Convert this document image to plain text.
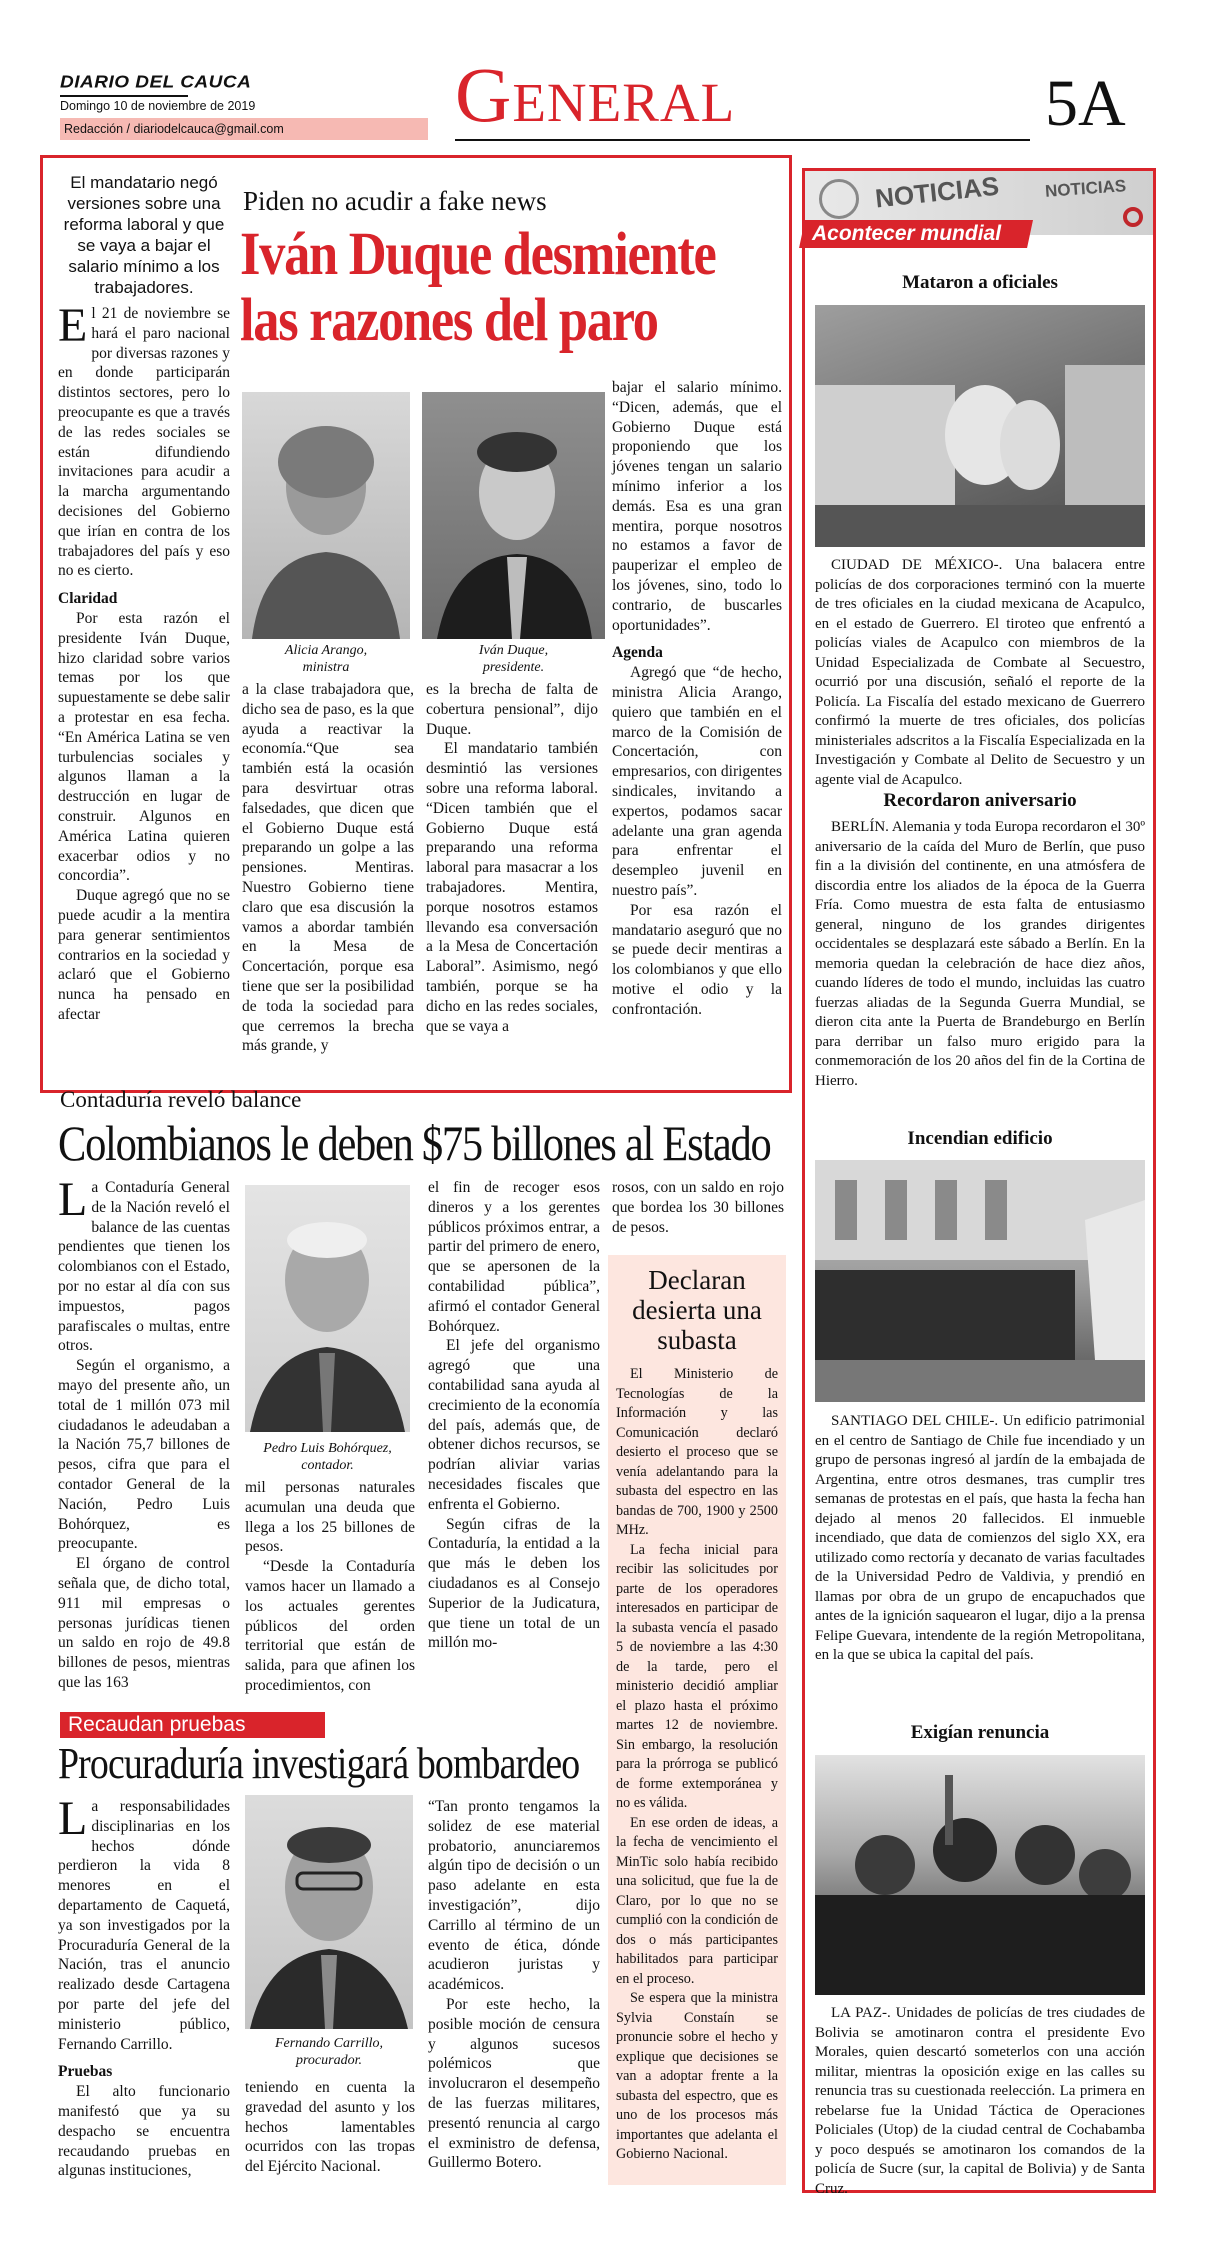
DIARIO DEL CAUCA
Domingo 10 de noviembre de 2019
Redacción / diariodelcauca@gmail.com	General	5A
El mandatario negó versiones sobre una reforma laboral y que se vaya a bajar el salario mínimo a los trabajadores.
Piden no acudir a fake news
Iván Duque desmiente las razones del paro

El 21 de noviembre se hará el paro nacional por diversas razones y en donde participarán distintos sectores, pero lo preocupante es que a través de las redes sociales se están difundiendo invitaciones para acudir a la marcha argumentando decisiones del Gobierno que irían en contra de los trabajadores del país y eso no es cierto.

Claridad

Por esta razón el presidente Iván Duque, hizo claridad sobre varios temas por los que supuestamente se debe salir a protestar en esa fecha. “En América Latina se ven turbulencias sociales y algunos llaman a la destrucción en lugar de construir. Algunos en América Latina quieren exacerbar odios y no concordia”.

Duque agregó que no se puede acudir a la mentira para generar sentimientos contrarios en la sociedad y aclaró que el Gobierno nunca ha pensado en afectar

Alicia Arango,
ministra
Iván Duque,
presidente.

a la clase trabajadora que, dicho sea de paso, es la que ayuda a reactivar la economía.“Que sea también está la ocasión para desvirtuar otras falsedades, que dicen que el Gobierno Duque está preparando un golpe a las pensiones. Mentiras. Nuestro Gobierno tiene claro que esa discusión la vamos a abordar también en la Mesa de Concertación, porque esa tiene que ser la posibilidad de toda la sociedad para que cerremos la brecha más grande, y

es la brecha de falta de cobertura pensional”, dijo Duque.

El mandatario también desmintió las versiones sobre una reforma laboral. “Dicen también que el Gobierno Duque está preparando una reforma laboral para masacrar a los trabajadores. Mentira, porque nosotros estamos llevando esa conversación a la Mesa de Concertación Laboral”. Asimismo, negó también, porque se ha dicho en las redes sociales, que se vaya a

bajar el salario mínimo. “Dicen, además, que el Gobierno Duque está proponiendo que los jóvenes tengan un salario mínimo inferior a los demás. Esa es una gran mentira, porque nosotros no estamos a favor de pauperizar el empleo de los jóvenes, sino, todo lo contrario, de buscarles oportunidades”.

Agenda

Agregó que “de hecho, ministra Alicia Arango, quiero que también en el marco de la Comisión de Concertación, con empresarios, con dirigentes sindicales, invitando a expertos, podamos sacar adelante una gran agenda para enfrentar el desempleo juvenil en nuestro país”.

Por esa razón el mandatario aseguró que no se puede decir mentiras a los colombianos y que ello motive el odio y la confrontación.

Contaduría reveló balance
Colombianos le deben $75 billones al Estado

La Contaduría General de la Nación reveló el balance de las cuentas pendientes que tienen los colombianos con el Estado, por no estar al día con sus impuestos, pagos parafiscales o multas, entre otros.

Según el organismo, a mayo del presente año, un total de 1 millón 073 mil ciudadanos le adeudaban a la Nación 75,7 billones de pesos, cifra que para el contador General de la Nación, Pedro Luis Bohórquez, es preocupante.

El órgano de control señala que, de dicho total, 911 mil empresas o personas jurídicas tienen un saldo en rojo de 49.8 billones de pesos, mientras que las 163

Pedro Luis Bohórquez,
contador.

mil personas naturales acumulan una deuda que llega a los 25 billones de pesos.

“Desde la Contaduría vamos hacer un llamado a los actuales gerentes públicos del orden territorial que están de salida, para que afinen los procedimientos, con

el fin de recoger esos dineros y a los gerentes públicos próximos entrar, a partir del primero de enero, que se apersonen de la contabilidad pública”, afirmó el contador General Bohórquez.

El jefe del organismo agregó que una contabilidad sana ayuda al crecimiento de la economía del país, además que, de obtener dichos recursos, se podrían aliviar varias necesidades fiscales que enfrenta el Gobierno.

Según cifras de la Contaduría, la entidad a la que más le deben los ciudadanos es al Consejo Superior de la Judicatura, que tiene un total de un millón mo-

rosos, con un saldo en rojo que bordea los 30 billones de pesos.

Declaran desierta una subasta

El Ministerio de Tecnologías de la Información y las Comunicación declaró desierto el proceso que se venía adelantando para la subasta del espectro en las bandas de 700, 1900 y 2500 MHz.

La fecha inicial para recibir las solicitudes por parte de los operadores interesados en participar de la subasta vencía el pasado 5 de noviembre a las 4:30 de la tarde, pero el ministerio decidió ampliar el plazo hasta el próximo martes 12 de noviembre. Sin embargo, la resolución para la prórroga se publicó de forme extemporánea y no es válida.

En ese orden de ideas, a la fecha de vencimiento el MinTic solo había recibido una solicitud, que fue la de Claro, por lo que no se cumplió con la condición de dos o más participantes habilitados para participar en el proceso.

Se espera que la ministra Sylvia Constaín se pronuncie sobre el hecho y explique que decisiones se van a adoptar frente a la subasta del espectro, que es uno de los procesos más importantes que adelanta el Gobierno Nacional.

Recaudan pruebas
Procuraduría investigará bombardeo

La responsabilidades disciplinarias en los hechos dónde perdieron la vida 8 menores en el departamento de Caquetá, ya son investigados por la Procuraduría General de la Nación, tras el anuncio realizado desde Cartagena por parte del jefe del ministerio público, Fernando Carrillo.

Pruebas

El alto funcionario manifestó que ya su despacho se encuentra recaudando pruebas en algunas instituciones,

Fernando Carrillo,
procurador.

teniendo en cuenta la gravedad del asunto y los hechos lamentables ocurridos con las tropas del Ejército Nacional.

“Tan pronto tengamos la solidez de ese material probatorio, anunciaremos algún tipo de decisión o un paso adelante en esta investigación”, dijo Carrillo al término de un evento de ética, dónde acudieron juristas y académicos.

Por este hecho, la posible moción de censura y algunos sucesos polémicos que involucraron el desempeño de las fuerzas militares, presentó renuncia al cargo el exministro de defensa, Guillermo Botero.

NOTICIAS	NOTICIAS
Acontecer mundial
Mataron a oficiales

CIUDAD DE MÉXICO-. Una balacera entre policías de dos corporaciones terminó con la muerte de tres oficiales en la ciudad mexicana de Acapulco, en el estado de Guerrero. El tiroteo que enfrentó a policías viales de Acapulco con miembros de la Unidad Especializada de Combate al Secuestro, ocurrió por una discusión, señaló el reporte de la Policía. La Fiscalía del estado mexicano de Guerrero confirmó la muerte de tres oficiales, dos policías ministeriales adscritos a la Fiscalía Especializada en la Investigación y Combate al Delito de Secuestro y un agente vial de Acapulco.

Recordaron aniversario

BERLÍN. Alemania y toda Europa recordaron el 30º aniversario de la caída del Muro de Berlín, que puso fin a la división del continente, en una atmósfera de discordia entre los aliados de la época de la Guerra Fría. Como muestra de esta falta de entusiasmo general, ninguno de los grandes dirigentes occidentales se desplazará este sábado a Berlín. En la memoria quedan la celebración de hace diez años, cuando líderes de todo el mundo, incluidas las cuatro fuerzas aliadas de la Segunda Guerra Mundial, se dieron cita ante la Puerta de Brandeburgo en Berlín para derribar un falso muro erigido para la conmemoración de los 20 años del fin de la Cortina de Hierro.

Incendian edificio

SANTIAGO DEL CHILE-. Un edificio patrimonial en el centro de Santiago de Chile fue incendiado y un grupo de personas ingresó al jardín de la embajada de Argentina, entre otros desmanes, tras cumplir tres semanas de protestas en el país, que hasta la fecha han dejado al menos 20 fallecidos. El inmueble incendiado, que data de comienzos del siglo XX, era utilizado como rectoría y decanato de varias facultades de la Universidad Pedro de Valdivia, y prendió en llamas por obra de un grupo de encapuchados que antes de la ignición saquearon el lugar, dijo a la prensa Felipe Guevara, intendente de la región Metropolitana, en la que se ubica la capital del país.

Exigían renuncia

LA PAZ-. Unidades de policías de tres ciudades de Bolivia se amotinaron contra el presidente Evo Morales, quien descartó someterlos con una acción militar, mientras la oposición exige en las calles su renuncia tras su cuestionada reelección. La primera en rebelarse fue la Unidad Táctica de Operaciones Policiales (Utop) de la ciudad central de Cochabamba y poco después se amotinaron los comandos de la policía de Sucre (sur, la capital de Bolivia) y de Santa Cruz.
